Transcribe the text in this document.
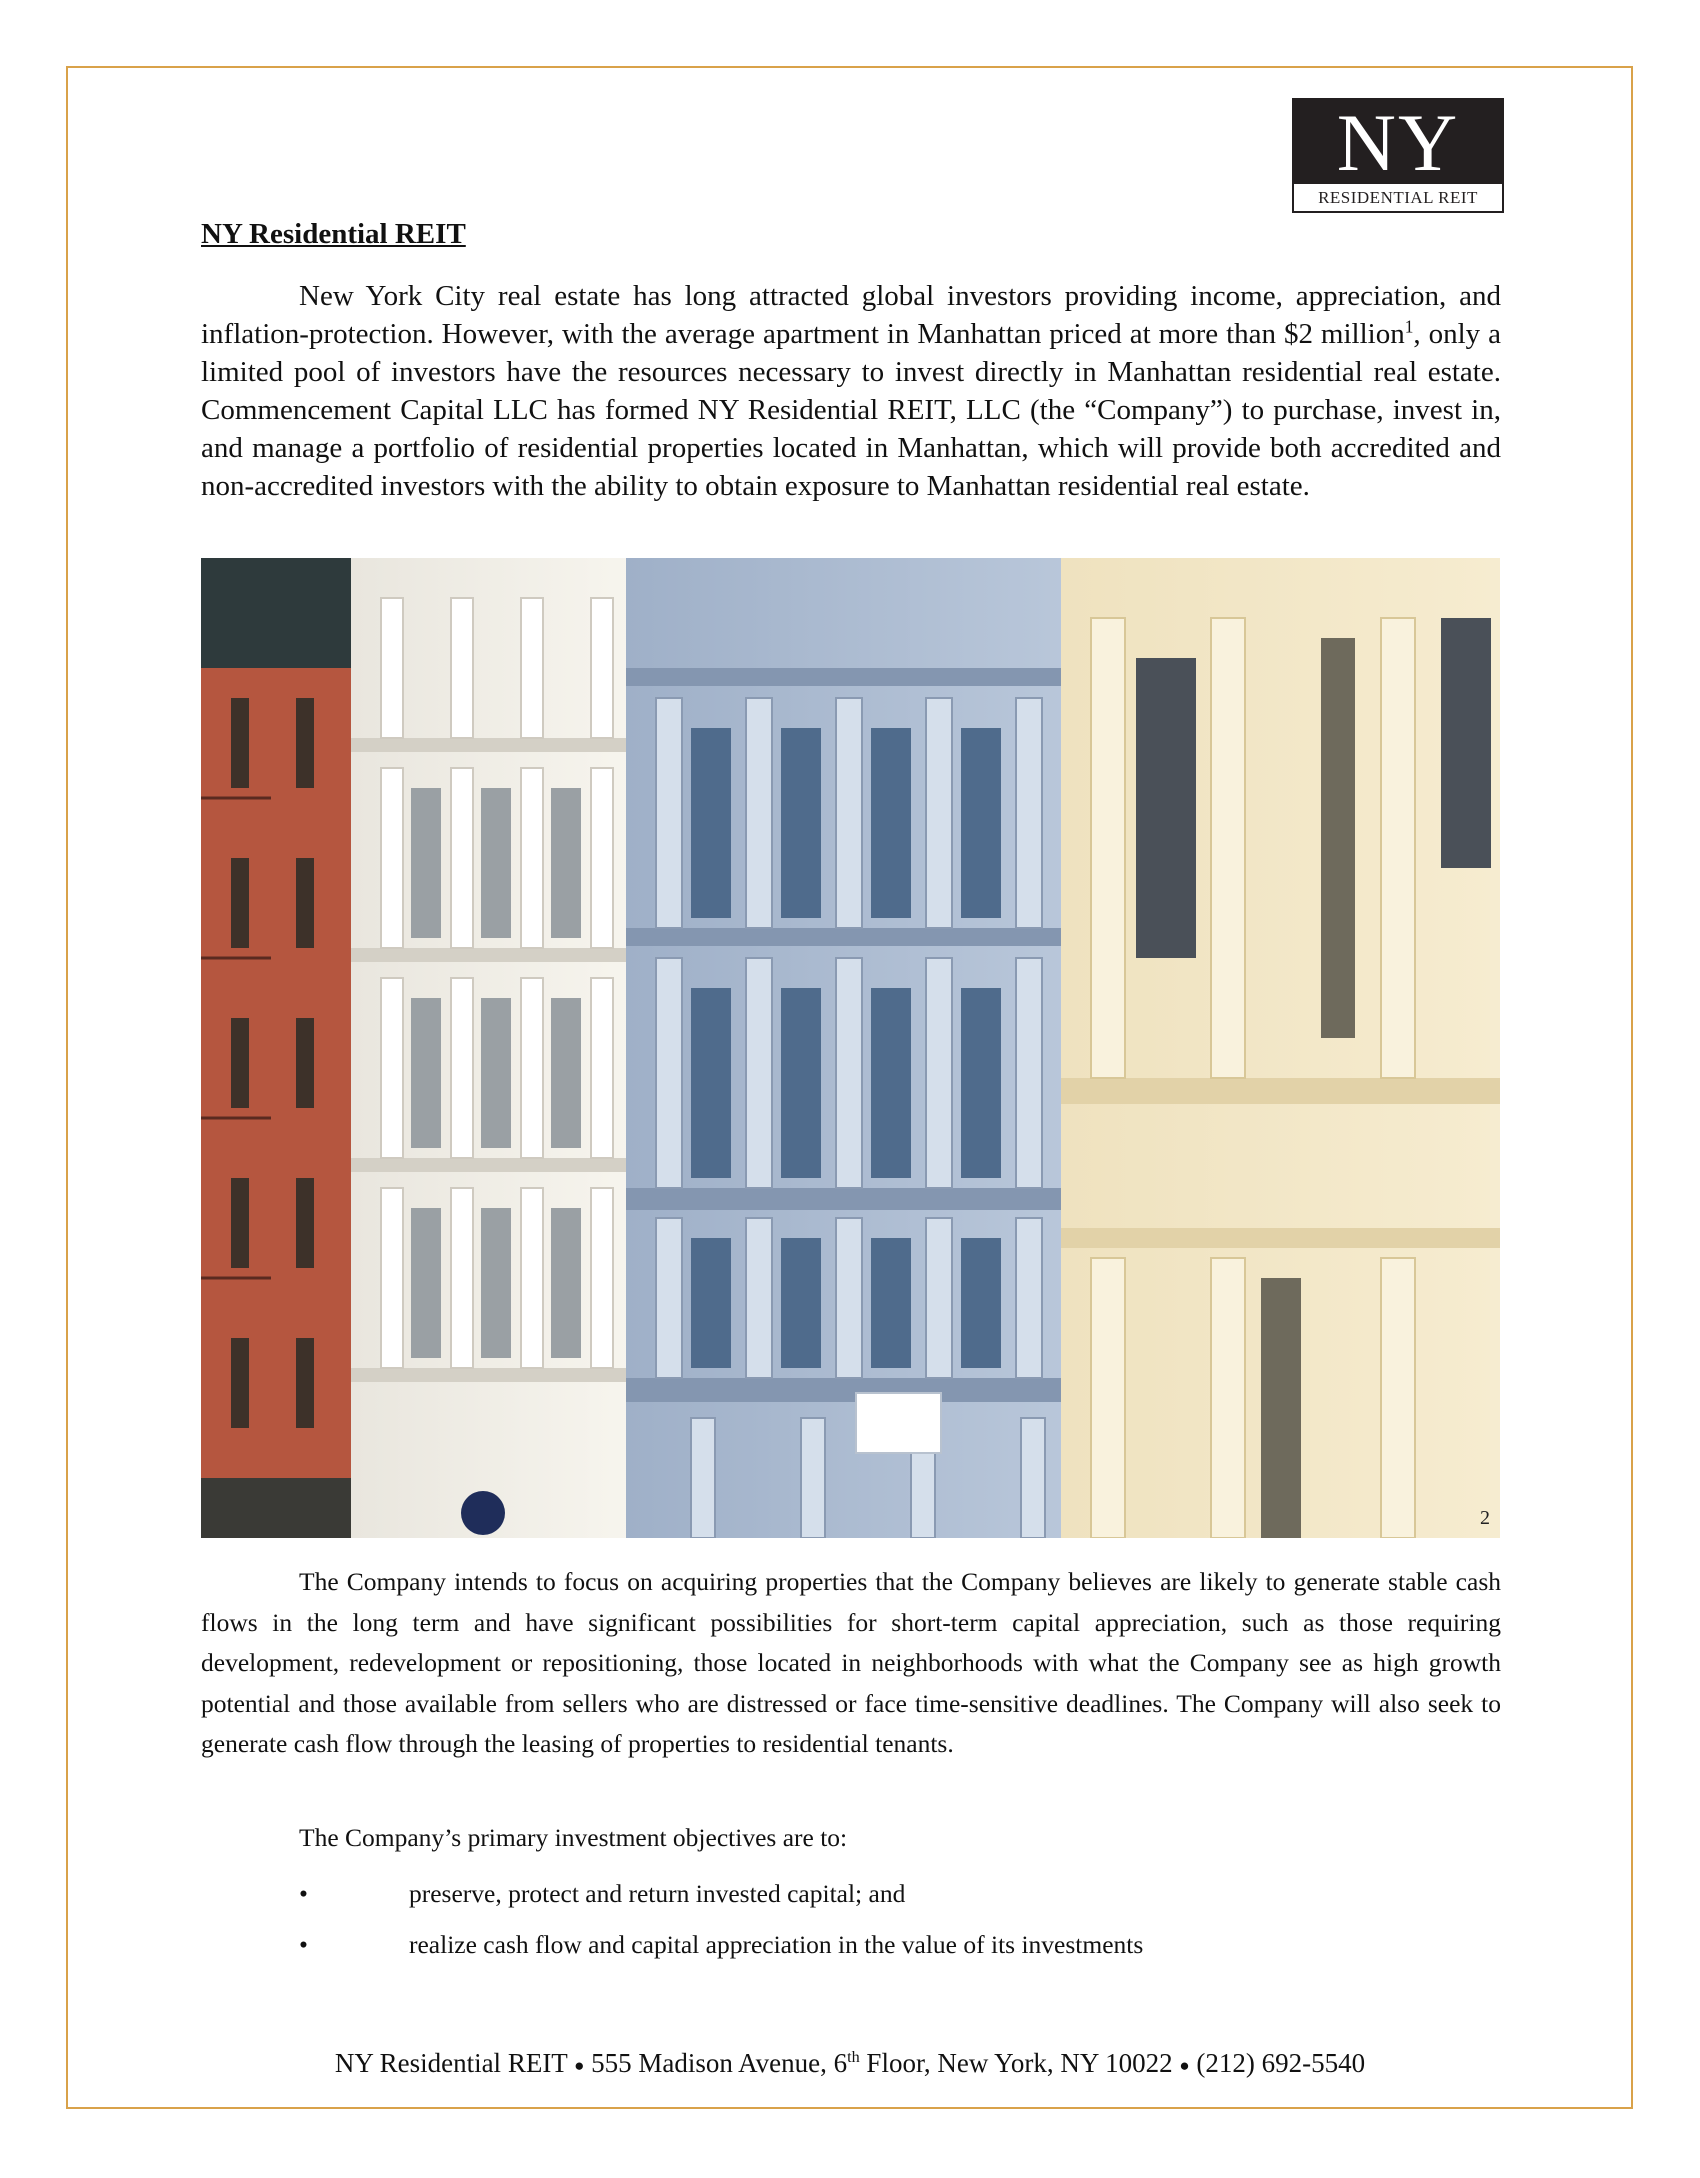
NY
RESIDENTIAL REIT
NY Residential REIT
New York City real estate has long attracted global investors providing income, appreciation, and inflation-protection. However, with the average apartment in Manhattan priced at more than $2 million$^1$, only a limited pool of investors have the resources necessary to invest directly in Manhattan residential real estate. Commencement Capital LLC has formed NY Residential REIT, LLC (the “Company”) to purchase, invest in, and manage a portfolio of residential properties located in Manhattan, which will provide both accredited and non-accredited investors with the ability to obtain exposure to Manhattan residential real estate.
2
The Company intends to focus on acquiring properties that the Company believes are likely to generate stable cash flows in the long term and have significant possibilities for short-term capital appreciation, such as those requiring development, redevelopment or repositioning, those located in neighborhoods with what the Company see as high growth potential and those available from sellers who are distressed or face time-sensitive deadlines. The Company will also seek to generate cash flow through the leasing of properties to residential tenants.
The Company’s primary investment objectives are to:
•	preserve, protect and return invested capital; and
•	realize cash flow and capital appreciation in the value of its investments
NY Residential REIT ● 555 Madison Avenue, 6th Floor, New York, NY 10022 ● (212) 692-5540
